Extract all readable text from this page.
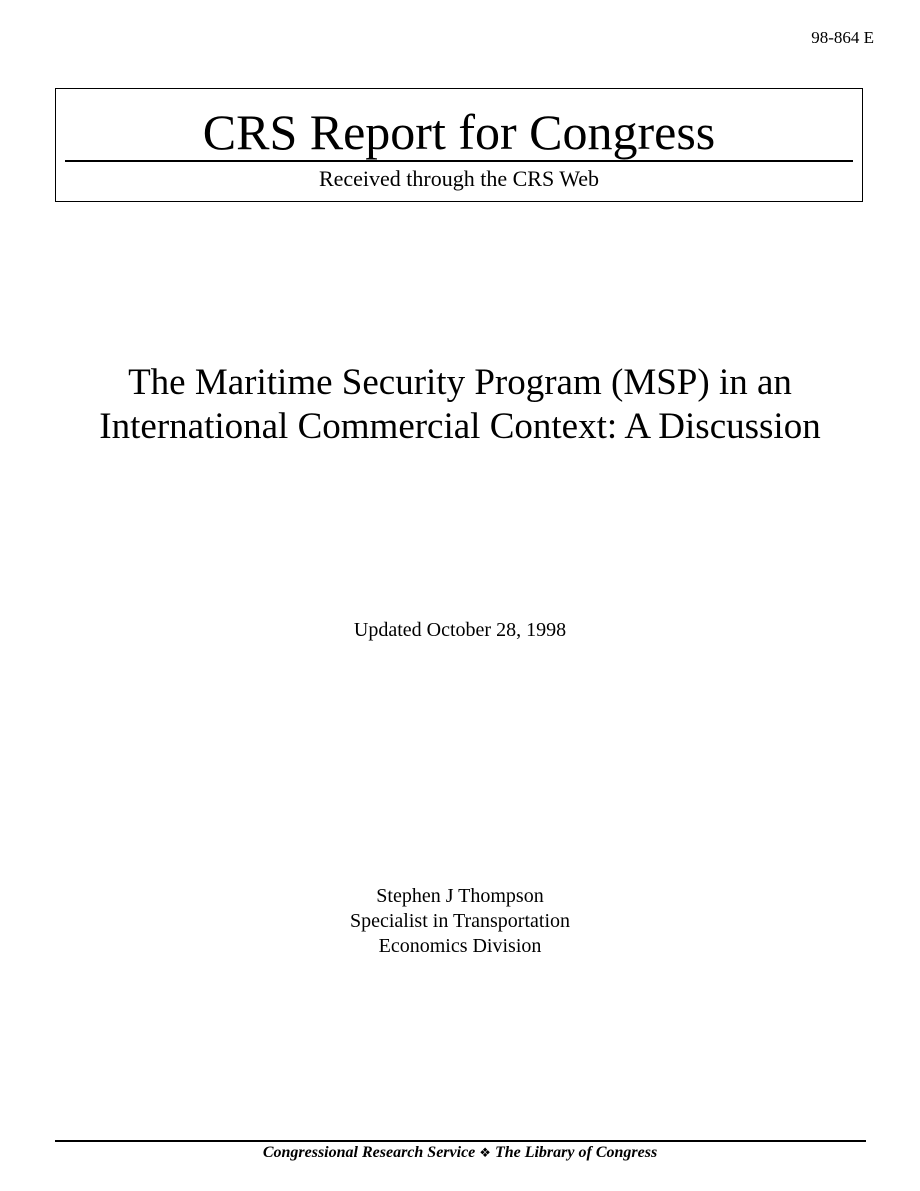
98-864 E
CRS Report for Congress
Received through the CRS Web
The Maritime Security Program (MSP) in an
International Commercial Context: A Discussion
Updated October 28, 1998
Stephen J Thompson
Specialist in Transportation
Economics Division
Congressional Research Service ❖ The Library of Congress
